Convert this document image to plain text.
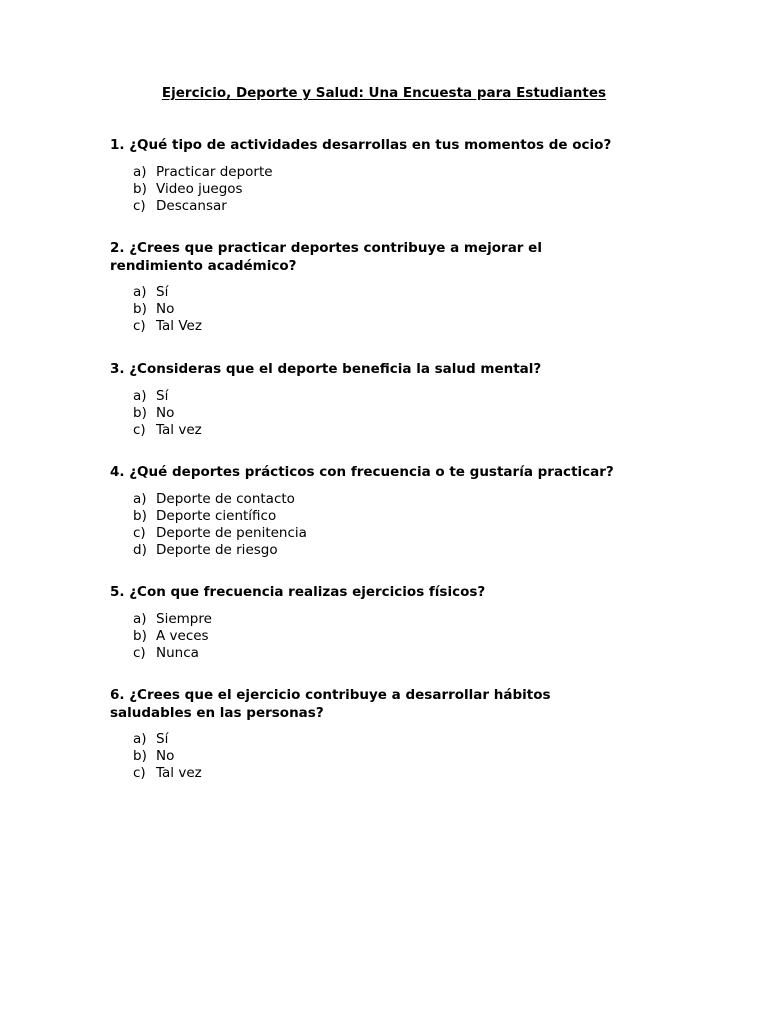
Ejercicio, Deporte y Salud: Una Encuesta para Estudiantes

1. ¿Qué tipo de actividades desarrollas en tus momentos de ocio?

a) Practicar deporte
b) Video juegos
c) Descansar

2. ¿Crees que practicar deportes contribuye a mejorar el
rendimiento académico?

a) Sí
b) No
c) Tal Vez

3. ¿Consideras que el deporte beneficia la salud mental?

a) Sí
b) No
c) Tal vez

4. ¿Qué deportes prácticos con frecuencia o te gustaría practicar?

a) Deporte de contacto
b) Deporte científico
c) Deporte de penitencia
d) Deporte de riesgo

5. ¿Con que frecuencia realizas ejercicios físicos?

a) Siempre
b) A veces
c) Nunca

6. ¿Crees que el ejercicio contribuye a desarrollar hábitos
saludables en las personas?

a) Sí
b) No
c) Tal vez
